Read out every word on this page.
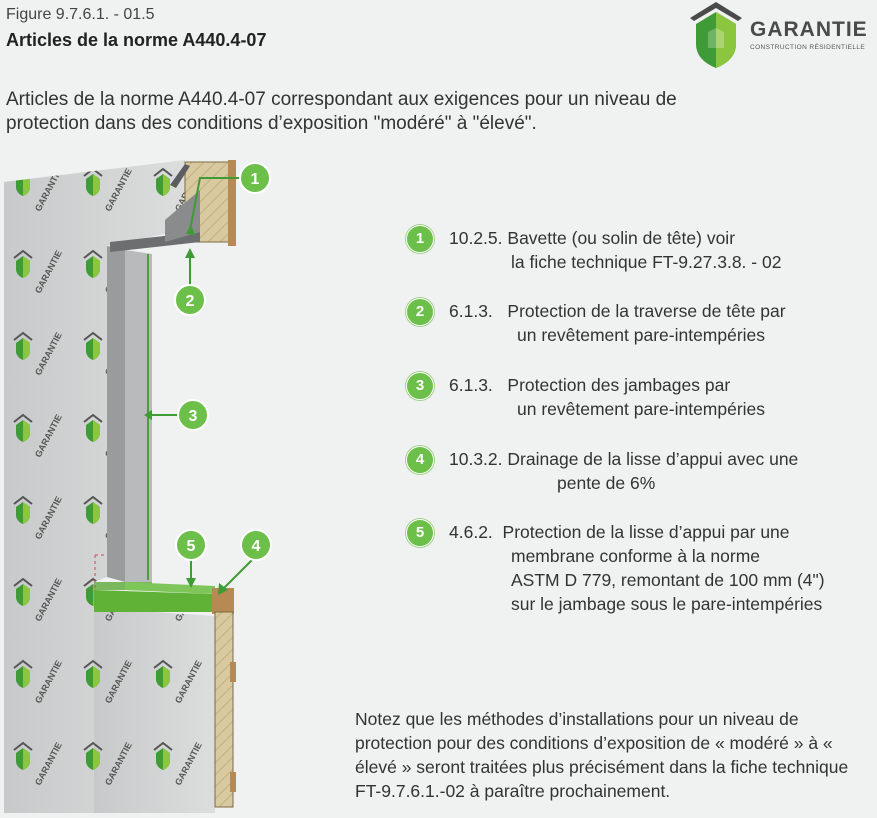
Figure 9.7.6.1. - 01.5
Articles de la norme A440.4-07	GARANTIE
CONSTRUCTION RÉSIDENTIELLE
Articles de la norme A440.4-07 correspondant aux exigences pour un niveau de protection dans des conditions d’exposition "modéré" à "élevé".
1
2
3
4
5
1	10.2.5. Bavette (ou solin de tête) voir
la fiche technique FT-9.27.3.8. - 02
2	6.1.3. Protection de la traverse de tête par
un revêtement pare-intempéries
3	6.1.3. Protection des jambages par
un revêtement pare-intempéries
4	10.3.2. Drainage de la lisse d’appui avec une
pente de 6%
5	4.6.2. Protection de la lisse d’appui par une
membrane conforme à la norme
ASTM D 779, remontant de 100 mm (4")
sur le jambage sous le pare-intempéries
Notez que les méthodes d’installations pour un niveau de protection pour des conditions d’exposition de « modéré » à « élevé » seront traitées plus précisément dans la fiche technique FT-9.7.6.1.-02 à paraître prochainement.
